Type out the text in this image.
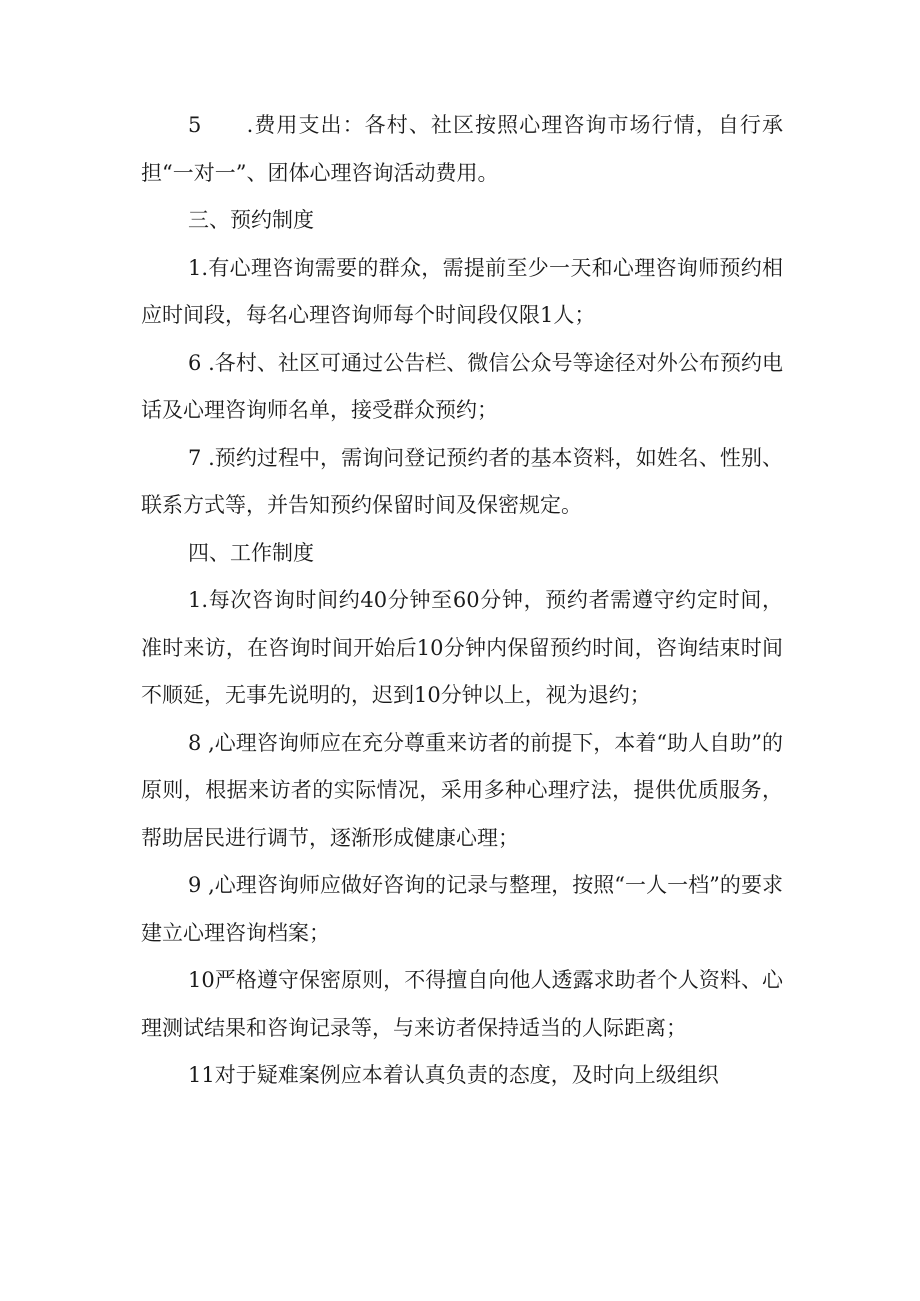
5　　.费用支出：各村、社区按照心理咨询市场行情，自行承担“一对一”、团体心理咨询活动费用。

三、预约制度

1.有心理咨询需要的群众，需提前至少一天和心理咨询师预约相应时间段，每名心理咨询师每个时间段仅限1人；

6 .各村、社区可通过公告栏、微信公众号等途径对外公布预约电话及心理咨询师名单，接受群众预约；

7 .预约过程中，需询问登记预约者的基本资料，如姓名、性别、联系方式等，并告知预约保留时间及保密规定。

四、工作制度

1.每次咨询时间约40分钟至60分钟，预约者需遵守约定时间，准时来访，在咨询时间开始后10分钟内保留预约时间，咨询结束时间不顺延，无事先说明的，迟到10分钟以上，视为退约；

8 ,心理咨询师应在充分尊重来访者的前提下，本着“助人自助”的原则，根据来访者的实际情况，采用多种心理疗法，提供优质服务，帮助居民进行调节，逐渐形成健康心理；

9 ,心理咨询师应做好咨询的记录与整理，按照“一人一档”的要求建立心理咨询档案；

10严格遵守保密原则，不得擅自向他人透露求助者个人资料、心理测试结果和咨询记录等，与来访者保持适当的人际距离；

11对于疑难案例应本着认真负责的态度，及时向上级组织
